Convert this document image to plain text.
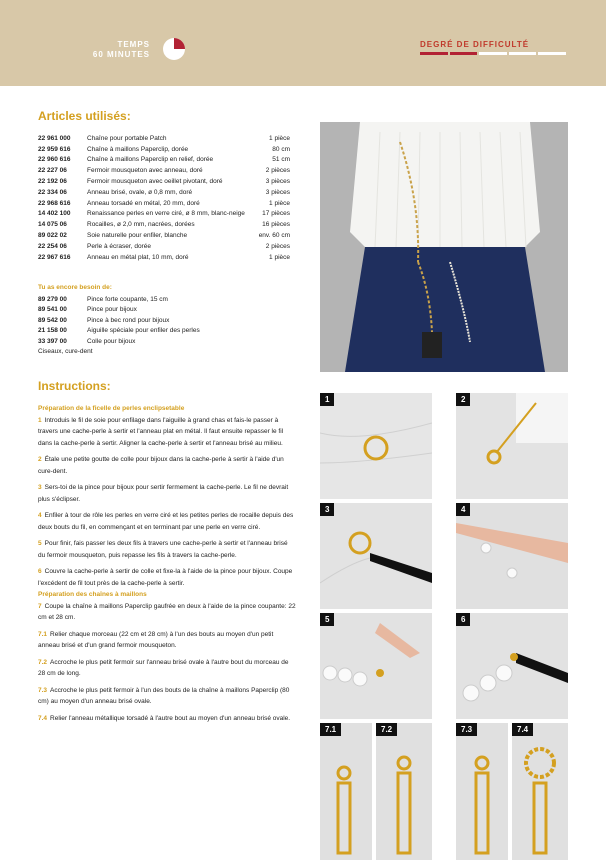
TEMPS
60 MINUTES
DEGRÉ DE DIFFICULTÉ
Articles utilisés:
22 961 000	Chaîne pour portable Patch	1 pièce
22 959 616	Chaîne à maillons Paperclip, dorée	80 cm
22 960 616	Chaîne à maillons Paperclip en relief, dorée	51 cm
22 227 06	Fermoir mousqueton avec anneau, doré	2 pièces
22 192 06	Fermoir mousqueton avec oeillet pivotant, doré	3 pièces
22 334 06	Anneau brisé, ovale, ø 0,8 mm, doré	3 pièces
22 968 616	Anneau torsadé en métal, 20 mm, doré	1 pièce
14 402 100	Renaissance perles en verre ciré, ø 8 mm, blanc-neige	17 pièces
14 075 06	Rocailles, ø 2,0 mm, nacrées, dorées	16 pièces
89 022 02	Soie naturelle pour enfiler, blanche	env. 60 cm
22 254 06	Perle à écraser, dorée	2 pièces
22 967 616	Anneau en métal plat, 10 mm, doré	1 pièce
Tu as encore besoin de:
89 279 00	Pince forte coupante, 15 cm
89 541 00	Pince pour bijoux
89 542 00	Pince à bec rond pour bijoux
21 158 00	Aiguille spéciale pour enfiler des perles
33 397 00	Colle pour bijoux
Ciseaux, cure-dent
Instructions:

Préparation de la ficelle de perles enclipsetable

1 Introduis le fil de soie pour enfilage dans l'aiguille à grand chas et fais-le passer à travers une cache-perle à sertir et l'anneau plat en métal. Il faut ensuite repasser le fil dans la cache-perle à sertir. Aligner la cache-perle à sertir et l'anneau brisé au milieu.

2 Étale une petite goutte de colle pour bijoux dans la cache-perle à sertir à l'aide d'un cure-dent.

3 Sers-toi de la pince pour bijoux pour sertir fermement la cache-perle. Le fil ne devrait plus s'éclipser.

4 Enfiler à tour de rôle les perles en verre ciré et les petites perles de rocaille depuis des deux bouts du fil, en commençant et en terminant par une perle en verre ciré.

5 Pour finir, fais passer les deux fils à travers une cache-perle à sertir et l'anneau brisé du fermoir mousqueton, puis repasse les fils à travers la cache-perle.

6 Couvre la cache-perle à sertir de colle et fixe-la à l'aide de la pince pour bijoux. Coupe l'excédent de fil tout près de la cache-perle à sertir.

Préparation des chaînes à maillons

7 Coupe la chaîne à maillons Paperclip gaufrée en deux à l'aide de la pince coupante: 22 cm et 28 cm.

7.1 Relier chaque morceau (22 cm et 28 cm) à l'un des bouts au moyen d'un petit anneau brisé et d'un grand fermoir mousqueton.

7.2 Accroche le plus petit fermoir sur l'anneau brisé ovale à l'autre bout du morceau de 28 cm de long.

7.3 Accroche le plus petit fermoir à l'un des bouts de la chaîne à maillons Paperclip (80 cm) au moyen d'un anneau brisé ovale.

7.4 Relier l'anneau métallique torsadé à l'autre bout au moyen d'un anneau brisé ovale.

1	2
3	4
5	6
7.1	7.2	7.3	7.4
